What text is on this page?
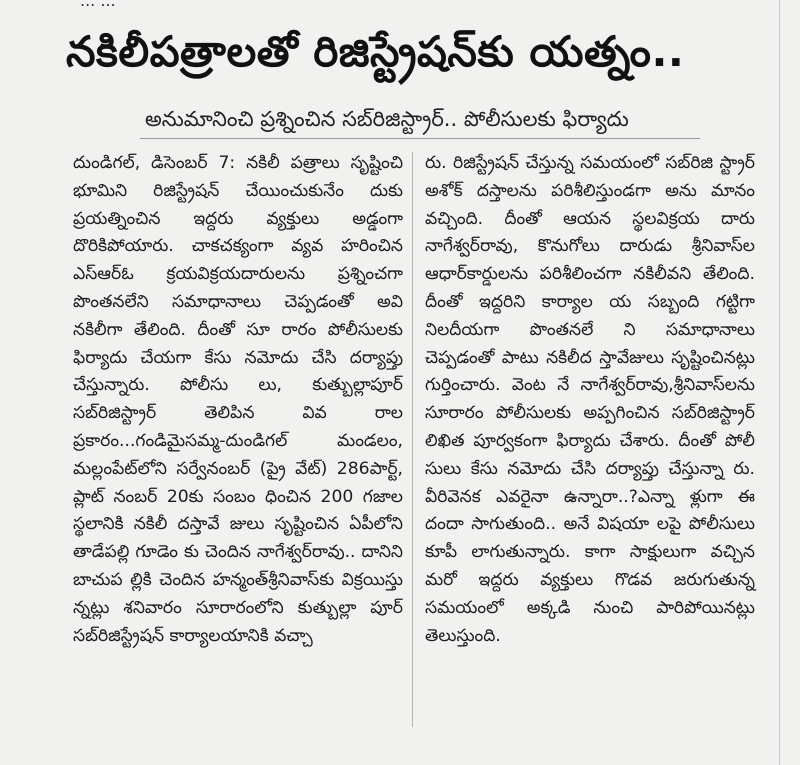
... ...
నకిలీపత్రాలతో రిజిస్ట్రేషన్‌కు యత్నం..
అనుమానించి ప్రశ్నించిన సబ్‌రిజిస్ట్రార్.. పోలీసులకు ఫిర్యాదు
దుండిగల్, డిసెంబర్ 7: నకిలీ పత్రాలు సృష్టించి భూమిని రిజిస్ట్రేషన్ చేయించుకునేం దుకు ప్రయత్నించిన ఇద్దరు వ్యక్తులు అడ్డంగా దొరికిపోయారు. చాకచక్యంగా వ్యవ హరించిన ఎస్‌ఆర్‌ఓ క్రయవిక్రయదారులను ప్రశ్నించగా పొంతనలేని సమాధానాలు చెప్పడంతో అవి నకిలీగా తేలింది. దీంతో సూ రారం పోలీసులకు ఫిర్యాదు చేయగా కేసు నమోదు చేసి దర్యాప్తు చేస్తున్నారు. పోలీసు లు, కుత్బుల్లాపూర్ సబ్‌రిజిస్ట్రార్ తెలిపిన వివ రాల ప్రకారం...గండిమైసమ్మ-దుండిగల్ మండలం, మల్లంపేట్‌లోని సర్వేనంబర్ (ప్రై వేట్) 286పార్ట్, ప్లాట్ నంబర్ 20కు సంబం ధించిన 200 గజాల స్థలానికి నకిలీ దస్తావే జులు సృష్టించిన ఏపీలోని తాడేపల్లి గూడెం కు చెందిన నాగేశ్వర్‌రావు.. దానిని బాచుప ల్లికి చెందిన హన్మంత్‌శ్రీనివాస్‌కు విక్రయిస్తు న్నట్లు శనివారం సూరారంలోని కుత్బుల్లా పూర్ సబ్‌రిజిస్ట్రేషన్ కార్యాలయానికి వచ్చా
రు. రిజిస్ట్రేషన్ చేస్తున్న సమయంలో సబ్‌రిజి స్ట్రార్ అశోక్ దస్తాలను పరిశీలిస్తుండగా అను మానం వచ్చింది. దీంతో ఆయన స్థలవిక్రయ దారు నాగేశ్వర్‌రావు, కొనుగోలు దారుడు శ్రీనివాస్‌ల ఆధార్‌కార్డులను పరిశీలించగా నకిలీవని తేలింది. దీంతో ఇద్దరిని కార్యాల య సబ్బంది గట్టిగా నిలదీయగా పొంతనలే ని సమాధానాలు చెప్పడంతో పాటు నకిలీద స్తావేజులు సృష్టించినట్లు గుర్తించారు. వెంట నే నాగేశ్వర్‌రావు,శ్రీనివాస్‌లను సూరారం పోలీసులకు అప్పగించిన సబ్‌రిజిస్ట్రార్ లిఖిత పూర్వకంగా ఫిర్యాదు చేశారు. దీంతో పోలీ సులు కేసు నమోదు చేసి దర్యాప్తు చేస్తున్నా రు. వీరివెనక ఎవరైనా ఉన్నారా..?ఎన్నా ళ్లుగా ఈ దందా సాగుతుంది.. అనే విషయా లపై పోలీసులు కూపీ లాగుతున్నారు. కాగా సాక్షులుగా వచ్చిన మరో ఇద్దరు వ్యక్తులు గొడవ జరుగుతున్న సమయంలో అక్కడి నుంచి పారిపోయినట్లు తెలుస్తుంది.
